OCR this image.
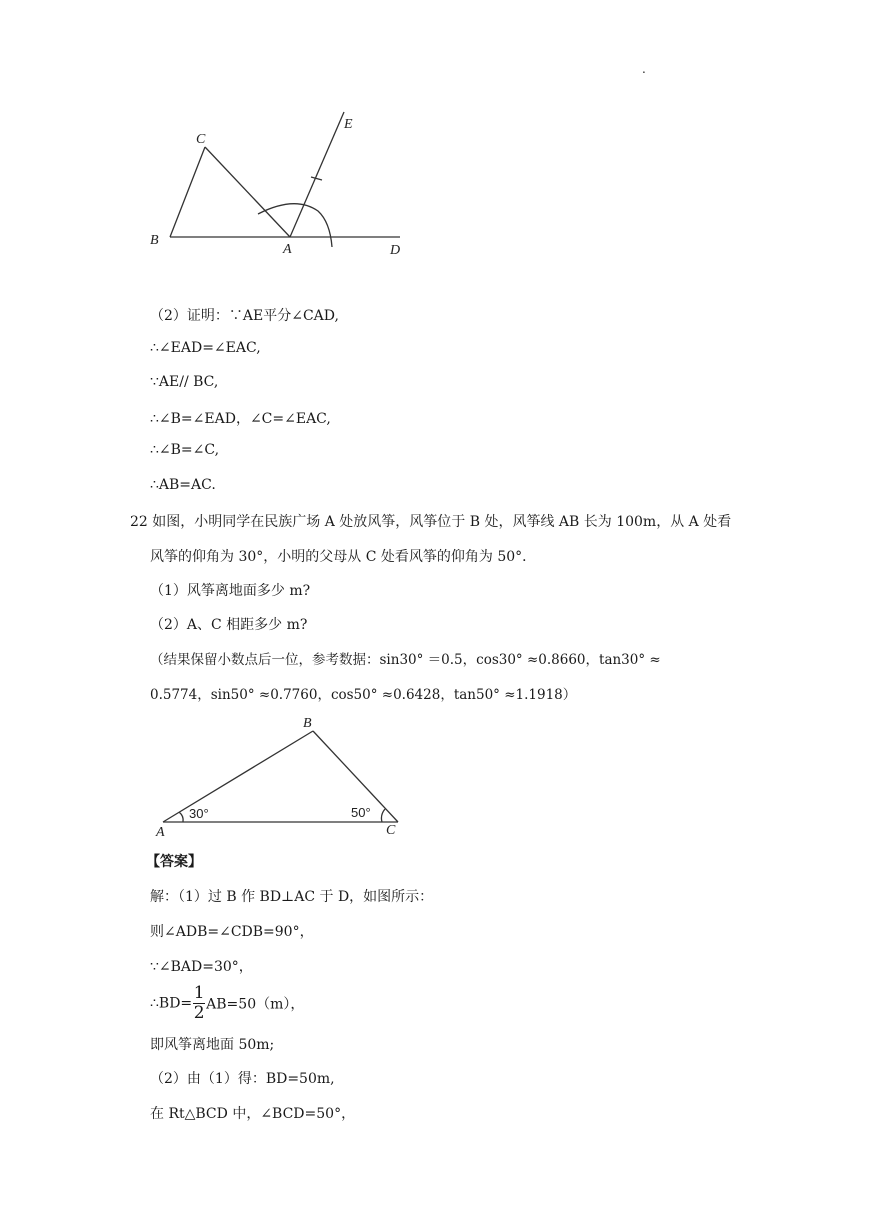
.
C
E
B
A	D
（2）证明：∵AE平分∠CAD,
∴∠EAD=∠EAC,
∵AE// BC,
∴∠B=∠EAD，∠C=∠EAC,
∴∠B=∠C,
∴AB=AC.
22 如图，小明同学在民族广场 A 处放风筝，风筝位于 B 处，风筝线 AB 长为 100m，从 A 处看
风筝的仰角为 30°，小明的父母从 C 处看风筝的仰角为 50°．
（1）风筝离地面多少 m?
（2）A、C 相距多少 m?
（结果保留小数点后一位，参考数据：sin30° ＝0.5，cos30° ≈0.8660，tan30° ≈
0.5774，sin50° ≈0.7760，cos50° ≈0.6428，tan50° ≈1.1918）
B
A	C
30°	50°
【答案】
解：（1）过 B 作 BD⊥AC 于 D，如图所示：
则∠ADB=∠CDB=90°，
∵∠BAD=30°，
∴BD= $\frac{1}{2} AB=50(m)$，
即风筝离地面 50m;
（2）由（1）得：BD=50m,
在 Rt△BCD 中，∠BCD=50°，
